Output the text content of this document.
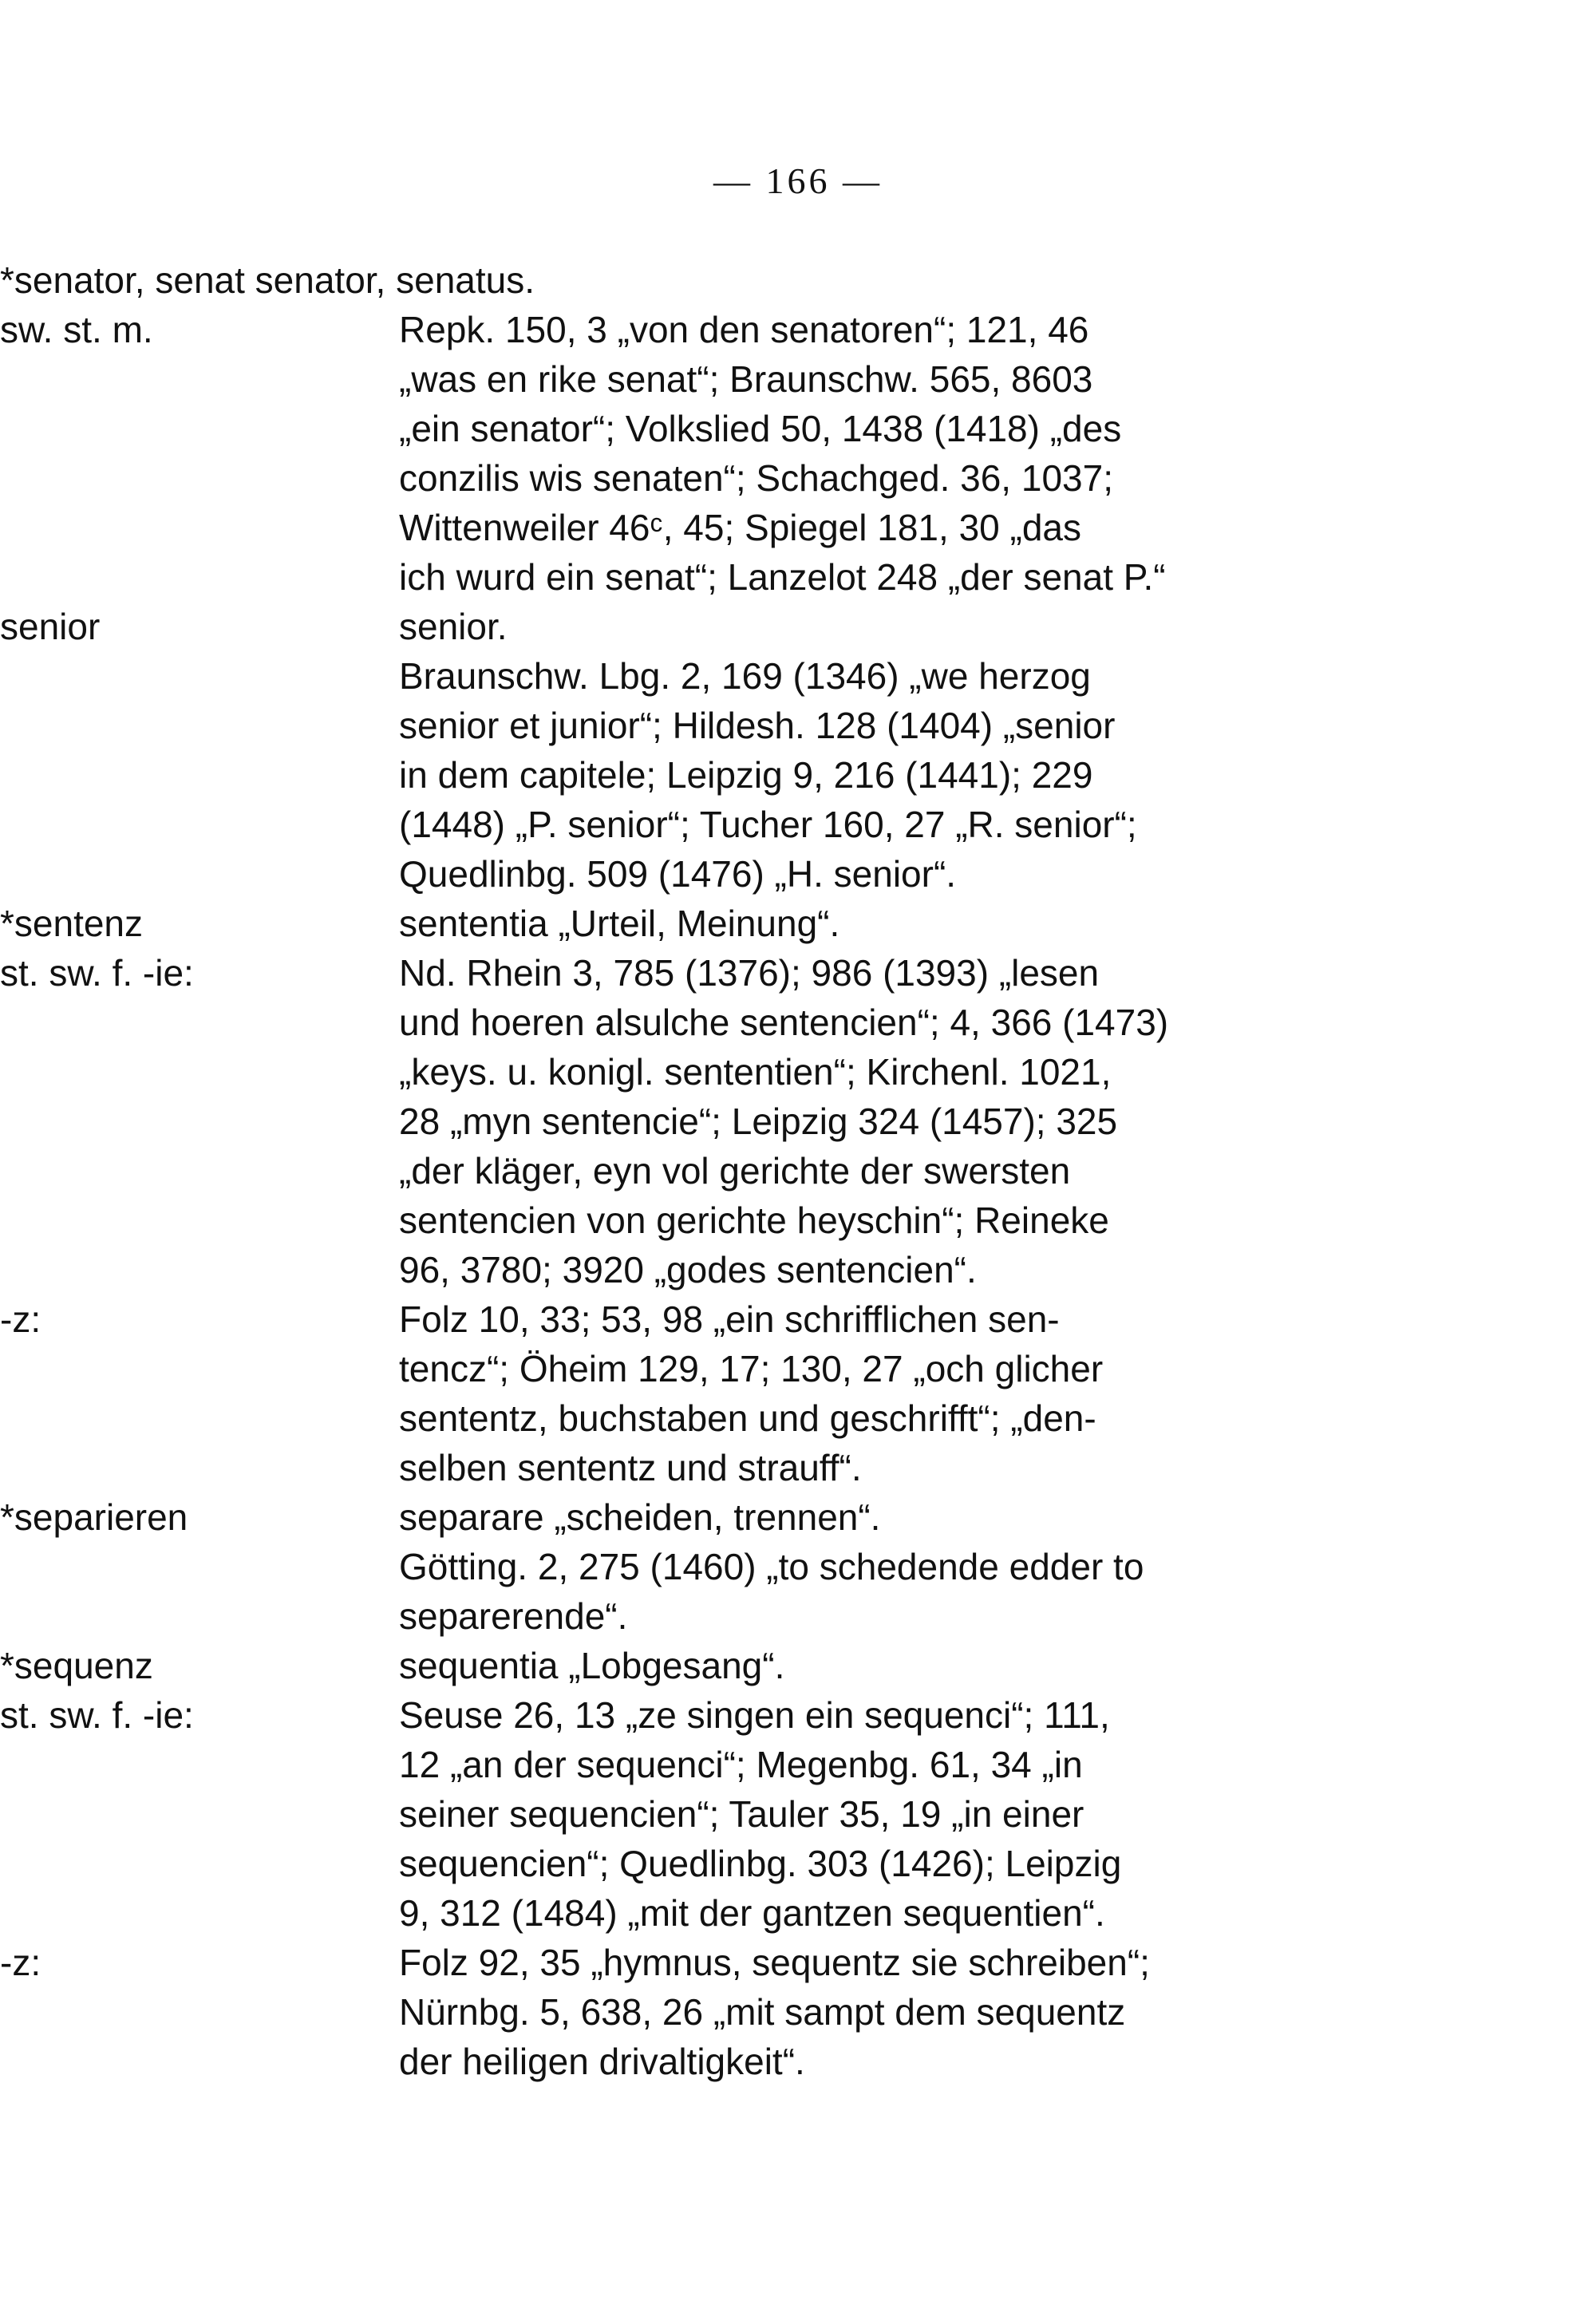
— 166 —
*senator, senat senator, senatus.
sw. st. m.	Repk. 150, 3 „von den senatoren“; 121, 46
„was en rike senat“; Braunschw. 565, 8603
„ein senator“; Volkslied 50, 1438 (1418) „des
conzilis wis senaten“; Schachged. 36, 1037;
Wittenweiler 46ᶜ, 45; Spiegel 181, 30 „das
ich wurd ein senat“; Lanzelot 248 „der senat P.“
senior	senior.
Braunschw. Lbg. 2, 169 (1346) „we herzog
senior et junior“; Hildesh. 128 (1404) „senior
in dem capitele; Leipzig 9, 216 (1441); 229
(1448) „P. senior“; Tucher 160, 27 „R. senior“;
Quedlinbg. 509 (1476) „H. senior“.
*sentenz	sententia „Urteil, Meinung“.
st. sw. f. -ie:	Nd. Rhein 3, 785 (1376); 986 (1393) „lesen
und hoeren alsulche sentencien“; 4, 366 (1473)
„keys. u. konigl. sententien“; Kirchenl. 1021,
28 „myn sentencie“; Leipzig 324 (1457); 325
„der kläger, eyn vol gerichte der swersten
sentencien von gerichte heyschin“; Reineke
96, 3780; 3920 „godes sentencien“.
-z:	Folz 10, 33; 53, 98 „ein schrifflichen sen-
tencz“; Öheim 129, 17; 130, 27 „och glicher
sententz, buchstaben und geschrifft“; „den-
selben sententz und strauff“.
*separieren	separare „scheiden, trennen“.
Götting. 2, 275 (1460) „to schedende edder to
separerende“.
*sequenz	sequentia „Lobgesang“.
st. sw. f. -ie:	Seuse 26, 13 „ze singen ein sequenci“; 111,
12 „an der sequenci“; Megenbg. 61, 34 „in
seiner sequencien“; Tauler 35, 19 „in einer
sequencien“; Quedlinbg. 303 (1426); Leipzig
9, 312 (1484) „mit der gantzen sequentien“.
-z:	Folz 92, 35 „hymnus, sequentz sie schreiben“;
Nürnbg. 5, 638, 26 „mit sampt dem sequentz
der heiligen drivaltigkeit“.
